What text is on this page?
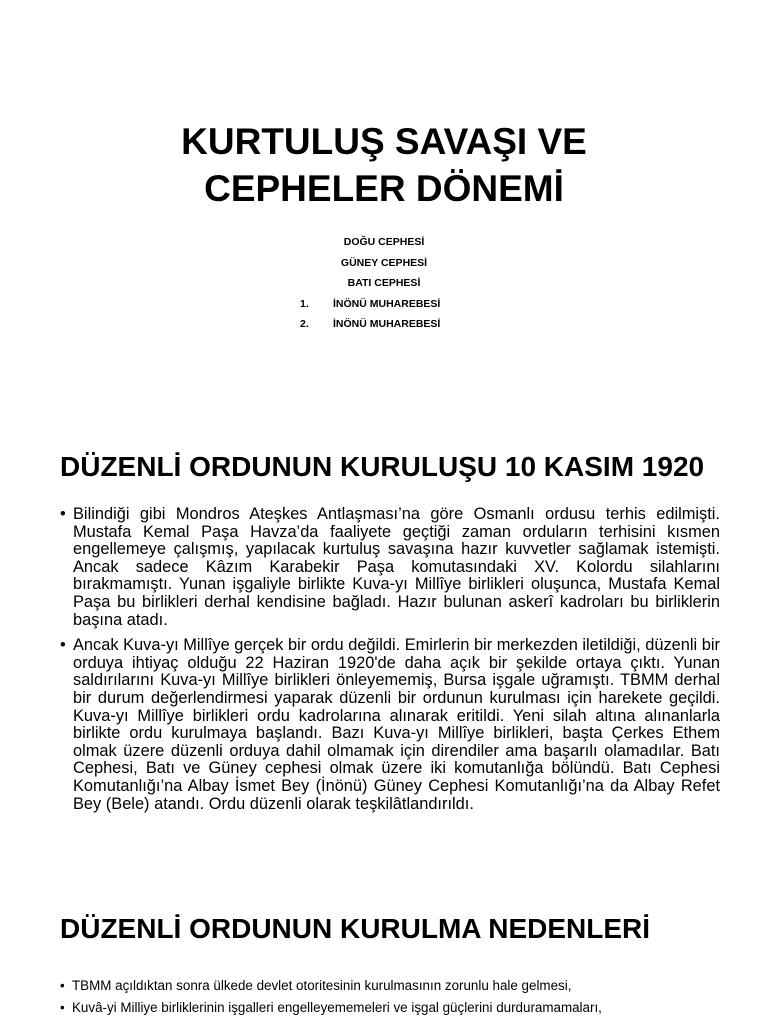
KURTULUŞ SAVAŞI VE
CEPHELER DÖNEMİ
DOĞU CEPHESİ
GÜNEY CEPHESİ
BATI CEPHESİ
1. İNÖNÜ MUHAREBESİ
2. İNÖNÜ MUHAREBESİ
DÜZENLİ ORDUNUN KURULUŞU 10 KASIM 1920
• Bilindiği gibi Mondros Ateşkes Antlaşması’na göre Osmanlı ordusu terhis edilmişti. Mustafa Kemal Paşa Havza’da faaliyete geçtiği zaman orduların terhisini kısmen engellemeye çalışmış, yapılacak kurtuluş savaşına hazır kuvvetler sağlamak istemişti. Ancak sadece Kâzım Karabekir Paşa komutasındaki XV. Kolordu silahlarını bırakmamıştı. Yunan işgaliyle birlikte Kuva-yı Millîye birlikleri oluşunca, Mustafa Kemal Paşa bu birlikleri derhal kendisine bağladı. Hazır bulunan askerî kadroları bu birliklerin başına atadı.
• Ancak Kuva-yı Millîye gerçek bir ordu değildi. Emirlerin bir merkezden iletildiği, düzenli bir orduya ihtiyaç olduğu 22 Haziran 1920'de daha açık bir şekilde ortaya çıktı. Yunan saldırılarını Kuva-yı Millîye birlikleri önleyememiş, Bursa işgale uğramıştı. TBMM derhal bir durum değerlendirmesi yaparak düzenli bir ordunun kurulması için harekete geçildi. Kuva-yı Millîye birlikleri ordu kadrolarına alınarak eritildi. Yeni silah altına alınanlarla birlikte ordu kurulmaya başlandı. Bazı Kuva-yı Millîye birlikleri, başta Çerkes Ethem olmak üzere düzenli orduya dahil olmamak için direndiler ama başarılı olamadılar. Batı Cephesi, Batı ve Güney cephesi olmak üzere iki komutanlığa bölündü. Batı Cephesi Komutanlığı’na Albay İsmet Bey (İnönü) Güney Cephesi Komutanlığı’na da Albay Refet Bey (Bele) atandı. Ordu düzenli olarak teşkilâtlandırıldı.
DÜZENLİ ORDUNUN KURULMA NEDENLERİ
• TBMM açıldıktan sonra ülkede devlet otoritesinin kurulmasının zorunlu hale gelmesi,
• Kuvâ-yi Milliye birliklerinin işgalleri engelleyememeleri ve işgal güçlerini durduramamaları,
